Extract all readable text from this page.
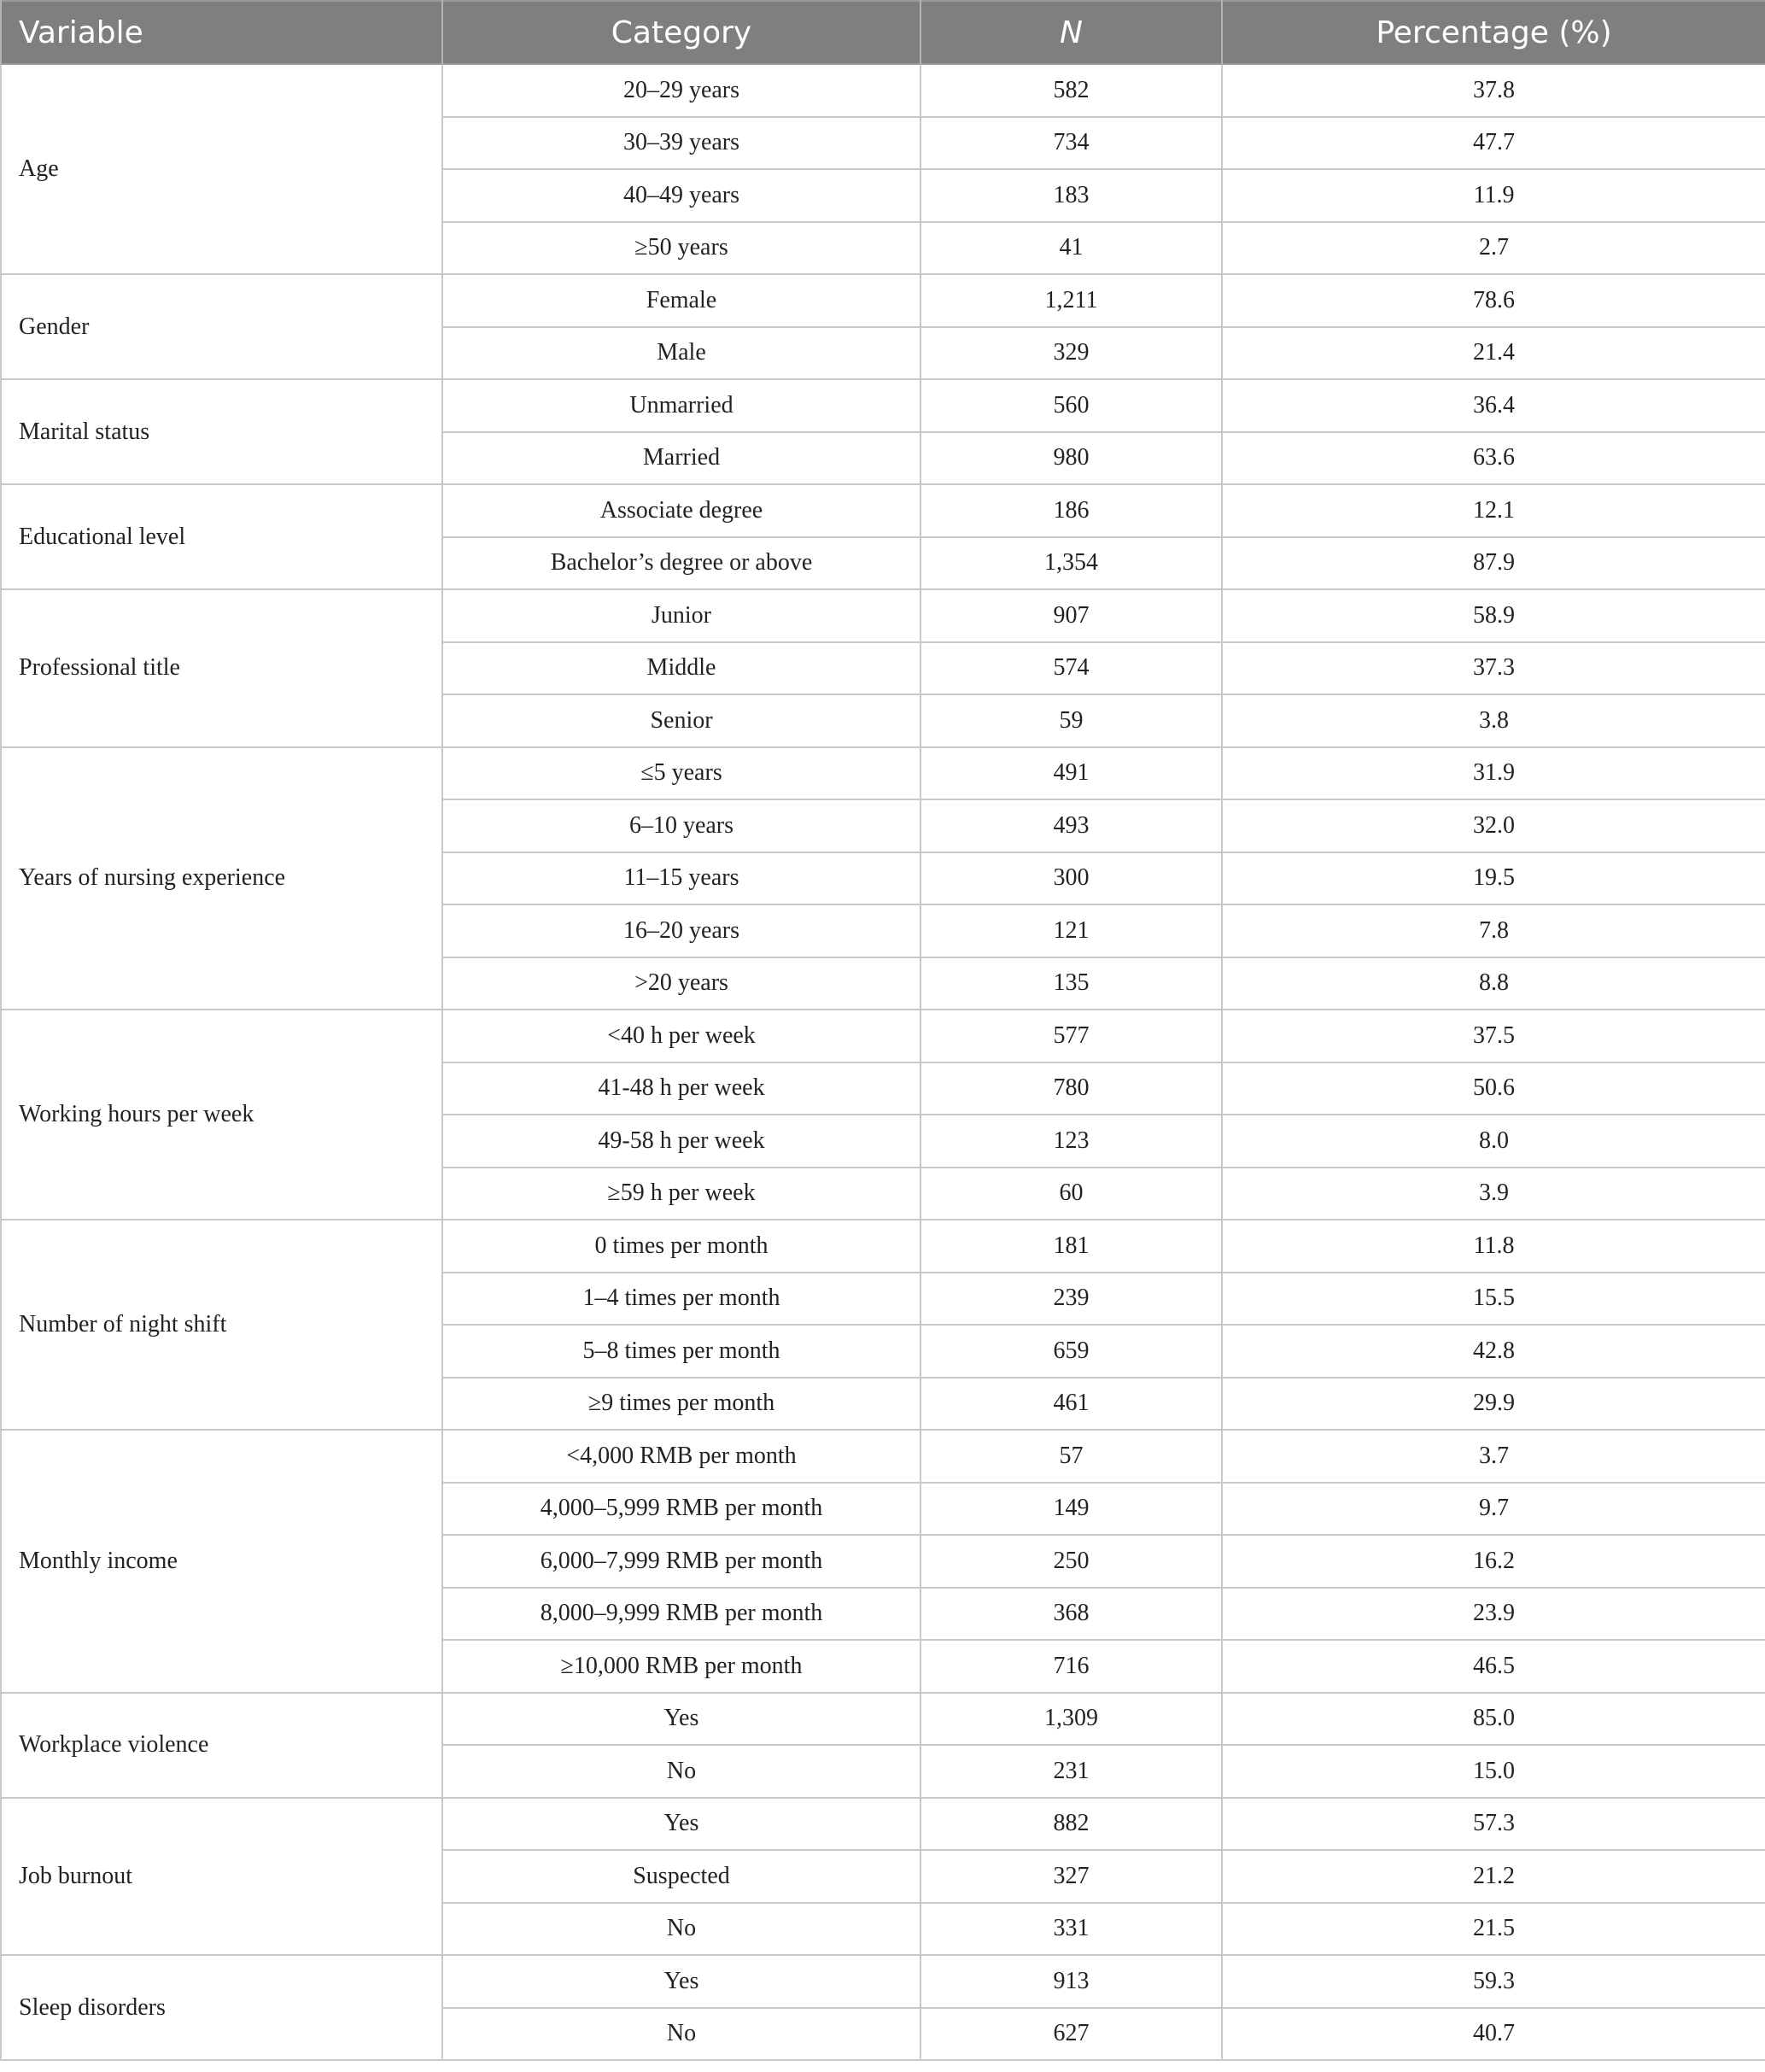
Variable	Category	N	Percentage (%)
Age	20–29 years	582	37.8
	30–39 years	734	47.7
	40–49 years	183	11.9
	≥50 years	41	2.7
Gender	Female	1,211	78.6
	Male	329	21.4
Marital status	Unmarried	560	36.4
	Married	980	63.6
Educational level	Associate degree	186	12.1
	Bachelor’s degree or above	1,354	87.9
Professional title	Junior	907	58.9
	Middle	574	37.3
	Senior	59	3.8
Years of nursing experience	≤5 years	491	31.9
	6–10 years	493	32.0
	11–15 years	300	19.5
	16–20 years	121	7.8
	>20 years	135	8.8
Working hours per week	<40 h per week	577	37.5
	41-48 h per week	780	50.6
	49-58 h per week	123	8.0
	≥59 h per week	60	3.9
Number of night shift	0 times per month	181	11.8
	1–4 times per month	239	15.5
	5–8 times per month	659	42.8
	≥9 times per month	461	29.9
Monthly income	<4,000 RMB per month	57	3.7
	4,000–5,999 RMB per month	149	9.7
	6,000–7,999 RMB per month	250	16.2
	8,000–9,999 RMB per month	368	23.9
	≥10,000 RMB per month	716	46.5
Workplace violence	Yes	1,309	85.0
	No	231	15.0
Job burnout	Yes	882	57.3
	Suspected	327	21.2
	No	331	21.5
Sleep disorders	Yes	913	59.3
	No	627	40.7
